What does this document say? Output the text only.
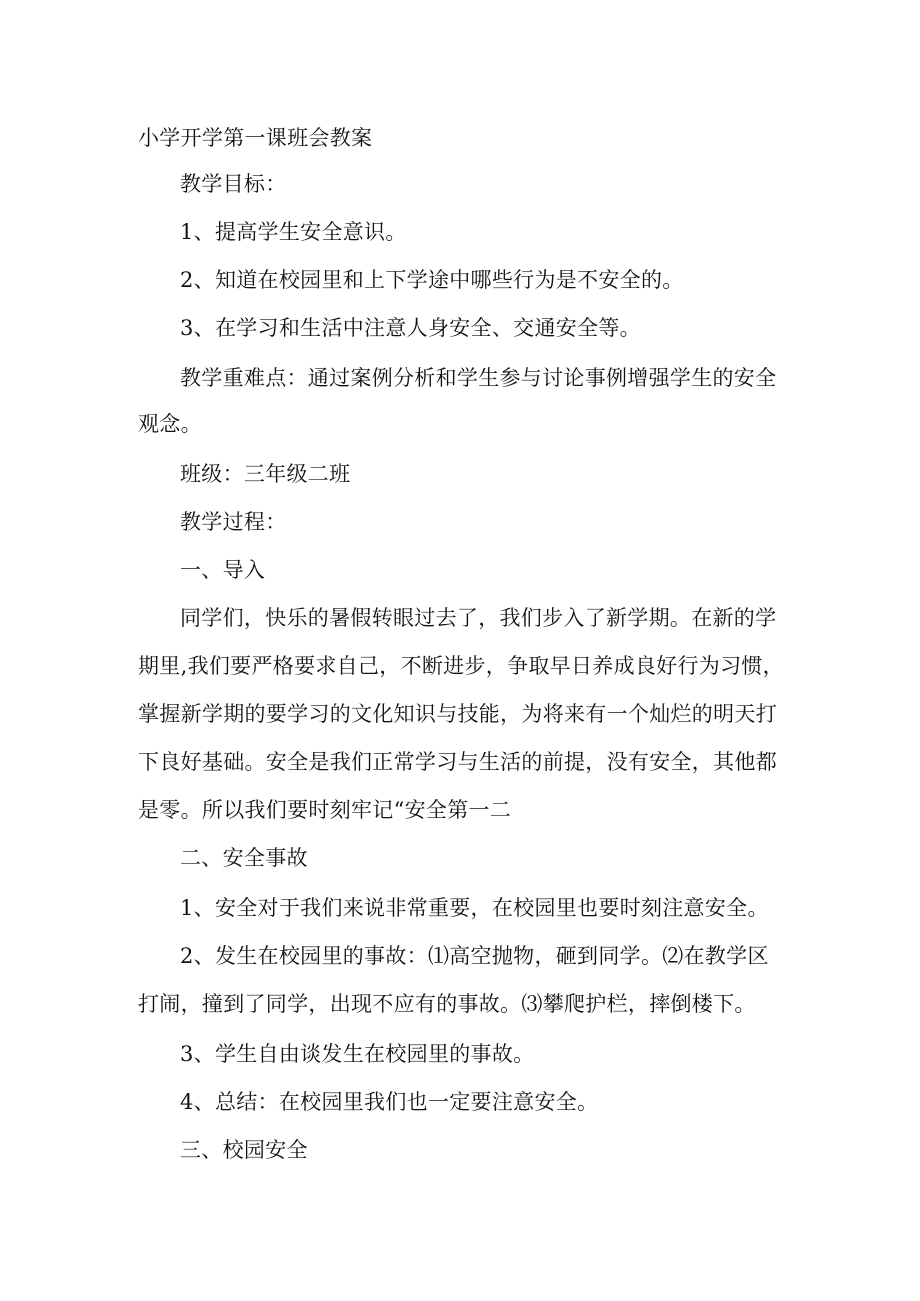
小学开学第一课班会教案
教学目标：
1、提高学生安全意识。
2、知道在校园里和上下学途中哪些行为是不安全的。
3、在学习和生活中注意人身安全、交通安全等。
教学重难点：通过案例分析和学生参与讨论事例增强学生的安全
观念。
班级：三年级二班
教学过程：
一、导入
同学们，快乐的暑假转眼过去了，我们步入了新学期。在新的学
期里,我们要严格要求自己，不断进步，争取早日养成良好行为习惯，
掌握新学期的要学习的文化知识与技能，为将来有一个灿烂的明天打
下良好基础。安全是我们正常学习与生活的前提，没有安全，其他都
是零。所以我们要时刻牢记“安全第一二
二、安全事故
1、安全对于我们来说非常重要，在校园里也要时刻注意安全。
2、发生在校园里的事故：⑴高空抛物，砸到同学。⑵在教学区
打闹，撞到了同学，出现不应有的事故。⑶攀爬护栏，摔倒楼下。
3、学生自由谈发生在校园里的事故。
4、总结：在校园里我们也一定要注意安全。
三、校园安全
